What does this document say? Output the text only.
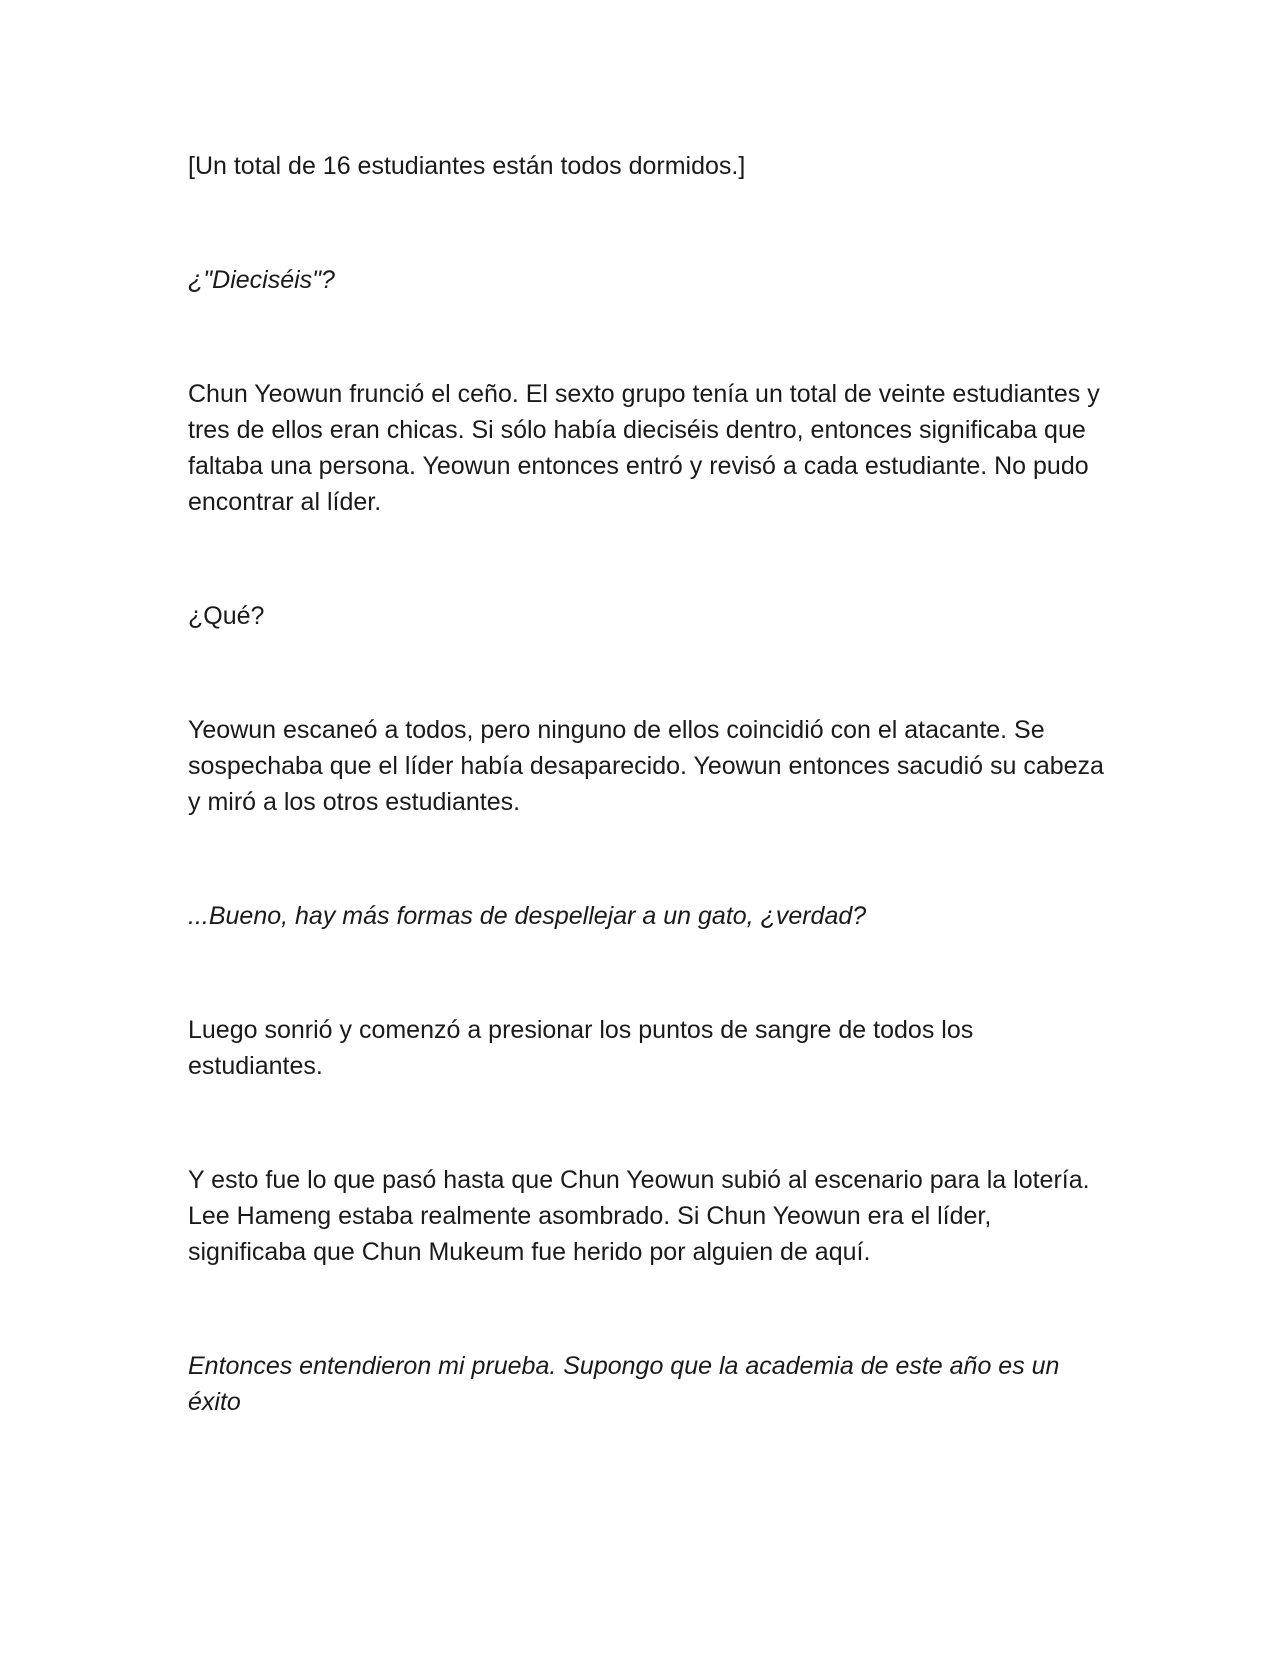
[Un total de 16 estudiantes están todos dormidos.]

¿"Dieciséis"?

Chun Yeowun frunció el ceño. El sexto grupo tenía un total de veinte estudiantes y tres de ellos eran chicas. Si sólo había dieciséis dentro, entonces significaba que faltaba una persona. Yeowun entonces entró y revisó a cada estudiante. No pudo encontrar al líder.

¿Qué?

Yeowun escaneó a todos, pero ninguno de ellos coincidió con el atacante. Se sospechaba que el líder había desaparecido. Yeowun entonces sacudió su cabeza y miró a los otros estudiantes.

...Bueno, hay más formas de despellejar a un gato, ¿verdad?

Luego sonrió y comenzó a presionar los puntos de sangre de todos los estudiantes.

Y esto fue lo que pasó hasta que Chun Yeowun subió al escenario para la lotería. Lee Hameng estaba realmente asombrado. Si Chun Yeowun era el líder, significaba que Chun Mukeum fue herido por alguien de aquí.

Entonces entendieron mi prueba. Supongo que la academia de este año es un éxito
